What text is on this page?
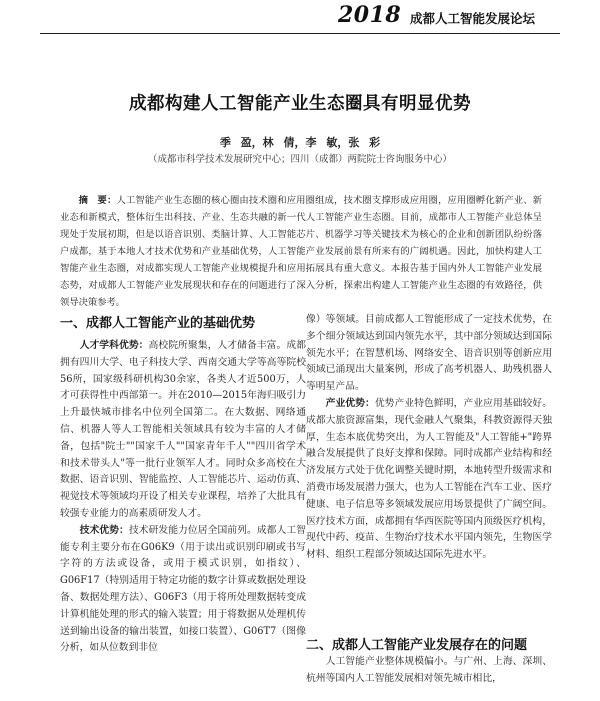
2018 成都人工智能发展论坛
成都构建人工智能产业生态圈具有明显优势
季 盈，林 倩，李 敏，张 彩
（成都市科学技术发展研究中心；四川（成都）两院院士咨询服务中心）
摘　要：人工智能产业生态圈的核心圈由技术圈和应用圈组成，技术圈支撑形成应用圈，应用圈孵化新产业、新业态和新模式，整体衍生出科技、产业、生态共融的新一代人工智能产业生态圈。目前，成都市人工智能产业总体呈现处于发展初期，但是以语音识别、类脑计算、人工智能芯片、机器学习等关键技术为核心的企业和创新团队纷纷落户成都，基于本地人才技术优势和产业基础优势，人工智能产业发展前景有所来有的广阔机遇。因此，加快构建人工智能产业生态圈，对成都实现人工智能产业规模提升和应用拓展具有重大意义。本报告基于国内外人工智能产业发展态势，对成都人工智能产业发展现状和存在的问题进行了深入分析，探索出构建人工智能产业生态圈的有效路径，供领导决策参考。
一、成都人工智能产业的基础优势

人才学科优势：高校院所聚集，人才储备丰富。成都拥有四川大学、电子科技大学、西南交通大学等高等院校56所，国家级科研机构30余家，各类人才近500万，人才可获得性中西部第一。并在2010—2015年海归吸引力上升最快城市排名中位列全国第二。在大数据、网络通信、机器人等人工智能相关领域具有较为丰富的人才储备，包括"院士""国家千人""国家青年千人""四川省学术和技术带头人"等一批行业领军人才。同时众多高校在大数据、语音识别、智能监控、人工智能芯片、运动仿真、视觉技术等领域均开设了相关专业课程，培养了大批具有较强专业能力的高素质研发人才。

技术优势：技术研发能力位居全国前列。成都人工智能专利主要分布在G06K9（用于读出或识别印刷或书写字符的方法或设备，或用于模式识别，如指纹）、G06F17（特别适用于特定功能的数字计算或数据处理设备、数据处理方法）、G06F3（用于将所处理数据转变成计算机能处理的形式的输入装置；用于将数据从处理机传送到输出设备的输出装置，如接口装置）、G06T7（图像分析，如从位数到非位

像）等领域。目前成都人工智能形成了一定技术优势，在多个细分领域达到国内领先水平，其中部分领域达到国际领先水平；在智慧机场、网络安全、语音识别等创新应用领域已涌现出大量案例，形成了高考机器人、助残机器人等明星产品。

产业优势：优势产业特色鲜明，产业应用基础较好。成都大旅资源富集，现代金融人气聚集，科教资源得天独厚，生态本底优势突出，为人工智能及"人工智能+"跨界融合发展提供了良好支撑和保障。同时成都产业结构和经济发展方式处于优化调整关键时期，本地转型升级需求和消费市场发展潜力强大，也为人工智能在汽车工业、医疗健康、电子信息等多领域发展应用场景提供了广阔空间。医疗技术方面，成都拥有华西医院等国内顶级医疗机构，现代中药、疫苗、生物治疗技术水平国内领先，生物医学材料、组织工程部分领域达国际先进水平。

二、成都人工智能产业发展存在的问题

人工智能产业整体规模偏小。与广州、上海、深圳、杭州等国内人工智能发展相对领先城市相比，
